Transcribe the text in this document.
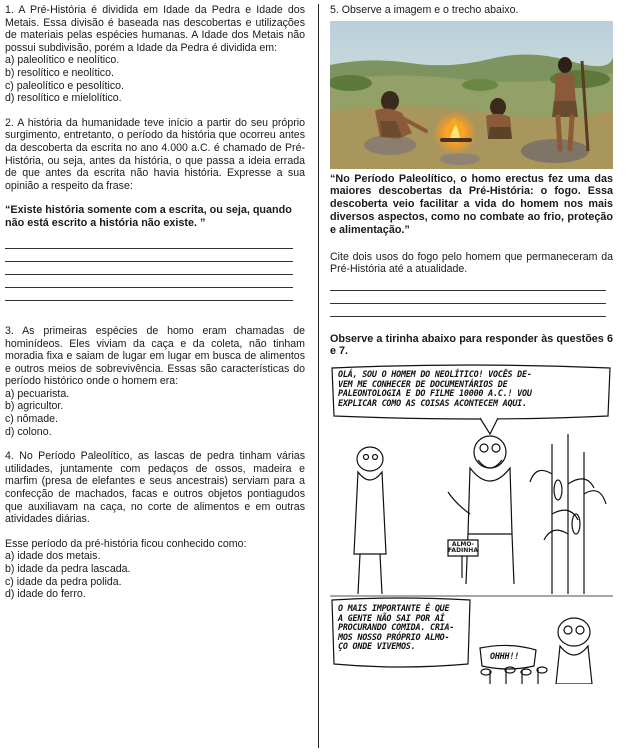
1. A Pré-História é dividida em Idade da Pedra e Idade dos Metais. Essa divisão é baseada nas descobertas e utilizações de materiais pelas espécies humanas. A Idade dos Metais não possui subdivisão, porém a Idade da Pedra é dividida em:

a) paleolítico e neolítico.
b) resolítico e neolítico.
c) paleolítico e pesolítico.
d) resolítico e mielolítico.

2. A história da humanidade teve início a partir do seu próprio surgimento, entretanto, o período da história que ocorreu antes da descoberta da escrita no ano 4.000 a.C. é chamado de Pré-História, ou seja, antes da história, o que passa a ideia errada de que antes da escrita não havia história. Expresse a sua opinião a respeito da frase:

“Existe história somente com a escrita, ou seja, quando não está escrito a história não existe. ”

3. As primeiras espécies de homo eram chamadas de hominídeos. Eles viviam da caça e da coleta, não tinham moradia fixa e saiam de lugar em lugar em busca de alimentos e outros meios de sobrevivência. Essas são características do período histórico onde o homem era:

a) pecuarista.
b) agricultor.
c) nômade.
d) colono.

4. No Período Paleolítico, as lascas de pedra tinham várias utilidades, juntamente com pedaços de ossos, madeira e marfim (presa de elefantes e seus ancestrais) serviam para a confecção de machados, facas e outros objetos pontiagudos que auxiliavam na caça, no corte de alimentos e em outras atividades diárias.

Esse período da pré-história ficou conhecido como:

a) idade dos metais.
b) idade da pedra lascada.
c) idade da pedra polida.
d) idade do ferro.

5. Observe a imagem e o trecho abaixo.

“No Período Paleolítico, o homo erectus fez uma das maiores descobertas da Pré-História: o fogo. Essa descoberta veio facilitar a vida do homem nos mais diversos aspectos, como no combate ao frio, proteção e alimentação.”

Cite dois usos do fogo pelo homem que permaneceram da Pré-História até a atualidade.

Observe a tirinha abaixo para responder às questões 6 e 7.

OLÁ, SOU O HOMEM DO NEOLÍTICO! VOCÊS DE-
VEM ME CONHECER DE DOCUMENTÁRIOS DE
PALEONTOLOGIA E DO FILME 10000 A.C.! VOU
EXPLICAR COMO AS COISAS ACONTECEM AQUI.
ALMO-
FADINHA
O MAIS IMPORTANTE É QUE
A GENTE NÃO SAI POR AÍ
PROCURANDO COMIDA. CRIA-
MOS NOSSO PRÓPRIO ALMO-
ÇO ONDE VIVEMOS.
OHHH!!
